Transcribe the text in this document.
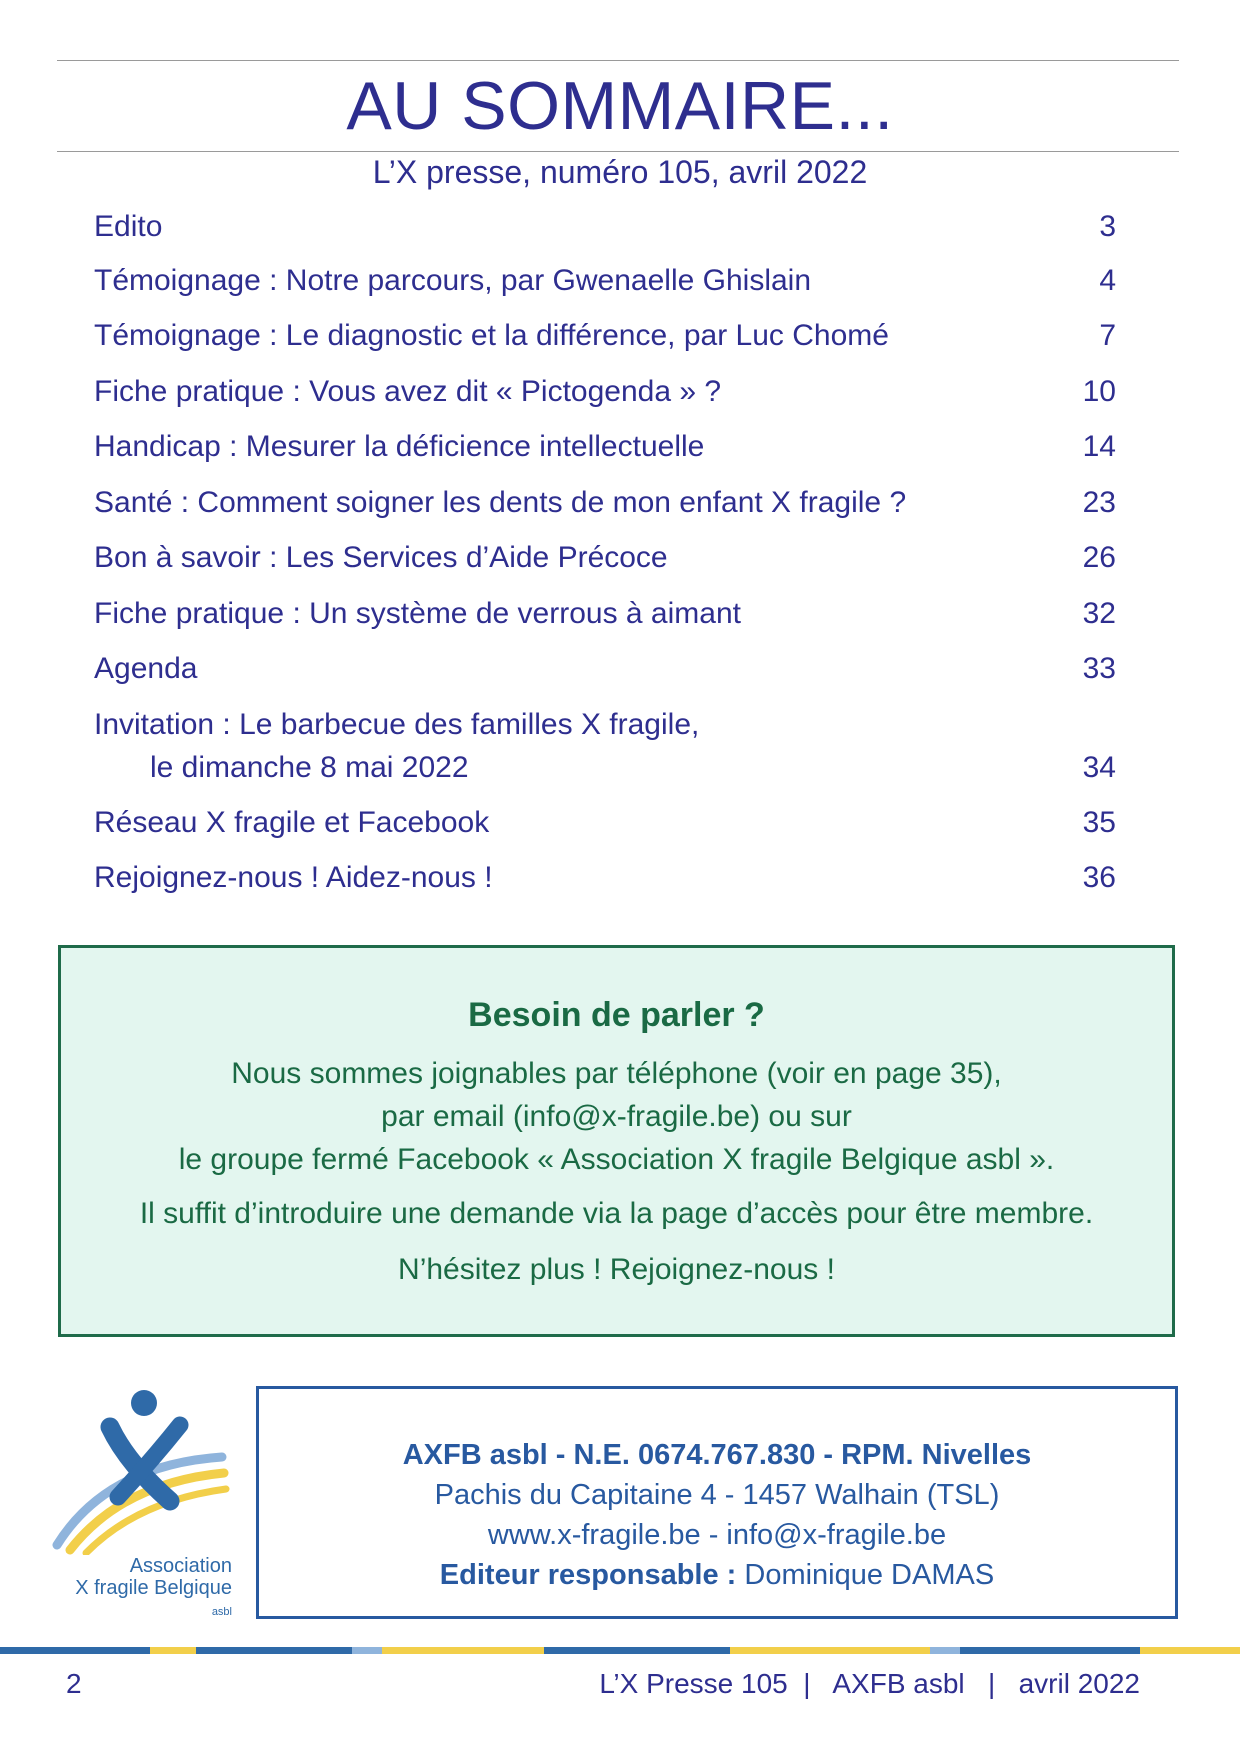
AU SOMMAIRE...
L’X presse, numéro 105, avril 2022
Edito	3
Témoignage : Notre parcours, par Gwenaelle Ghislain	4
Témoignage : Le diagnostic et la différence, par Luc Chomé	7
Fiche pratique : Vous avez dit « Pictogenda » ?	10
Handicap : Mesurer la déficience intellectuelle	14
Santé : Comment soigner les dents de mon enfant X fragile ?	23
Bon à savoir : Les Services d’Aide Précoce	26
Fiche pratique : Un système de verrous à aimant	32
Agenda	33
Invitation : Le barbecue des familles X fragile,
le dimanche 8 mai 2022	34
Réseau X fragile et Facebook	35
Rejoignez-nous ! Aidez-nous !	36
Besoin de parler ?
Nous sommes joignables par téléphone (voir en page 35),
par email (info@x-fragile.be) ou sur
le groupe fermé Facebook « Association X fragile Belgique asbl ».
Il suffit d’introduire une demande via la page d’accès pour être membre.
N’hésitez plus ! Rejoignez-nous !
Association
X fragile Belgique
asbl
AXFB asbl - N.E. 0674.767.830 - RPM. Nivelles
Pachis du Capitaine 4 - 1457 Walhain (TSL)
www.x-fragile.be - info@x-fragile.be
Editeur responsable : Dominique DAMAS
2	L’X Presse 105  |   AXFB asbl   |   avril 2022
